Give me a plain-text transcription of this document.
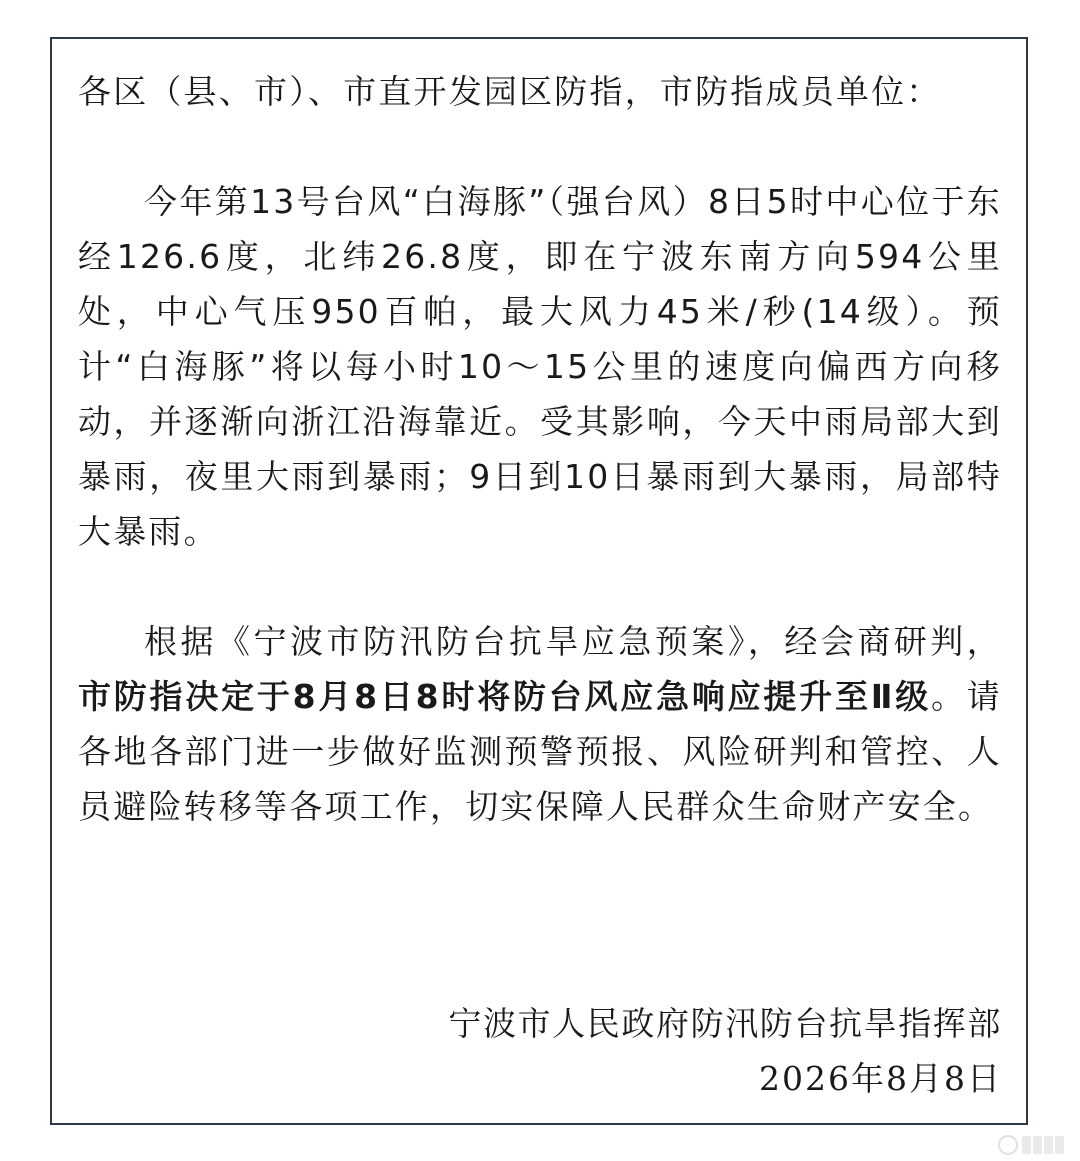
各区（县、市）、市直开发园区防指，市防指成员单位：

今年第13号台风“白海豚”（强台风）8日5时中心位于东经126.6度，北纬26.8度，即在宁波东南方向594公里处，中心气压950百帕，最大风力45米/秒(14级）。预计“白海豚”将以每小时10～15公里的速度向偏西方向移动，并逐渐向浙江沿海靠近。受其影响，今天中雨局部大到暴雨，夜里大雨到暴雨；9日到10日暴雨到大暴雨，局部特大暴雨。

根据《宁波市防汛防台抗旱应急预案》，经会商研判，市防指决定于8月8日8时将防台风应急响应提升至Ⅱ级。请各地各部门进一步做好监测预警预报、风险研判和管控、人员避险转移等各项工作，切实保障人民群众生命财产安全。

宁波市人民政府防汛防台抗旱指挥部
2026年8月8日
